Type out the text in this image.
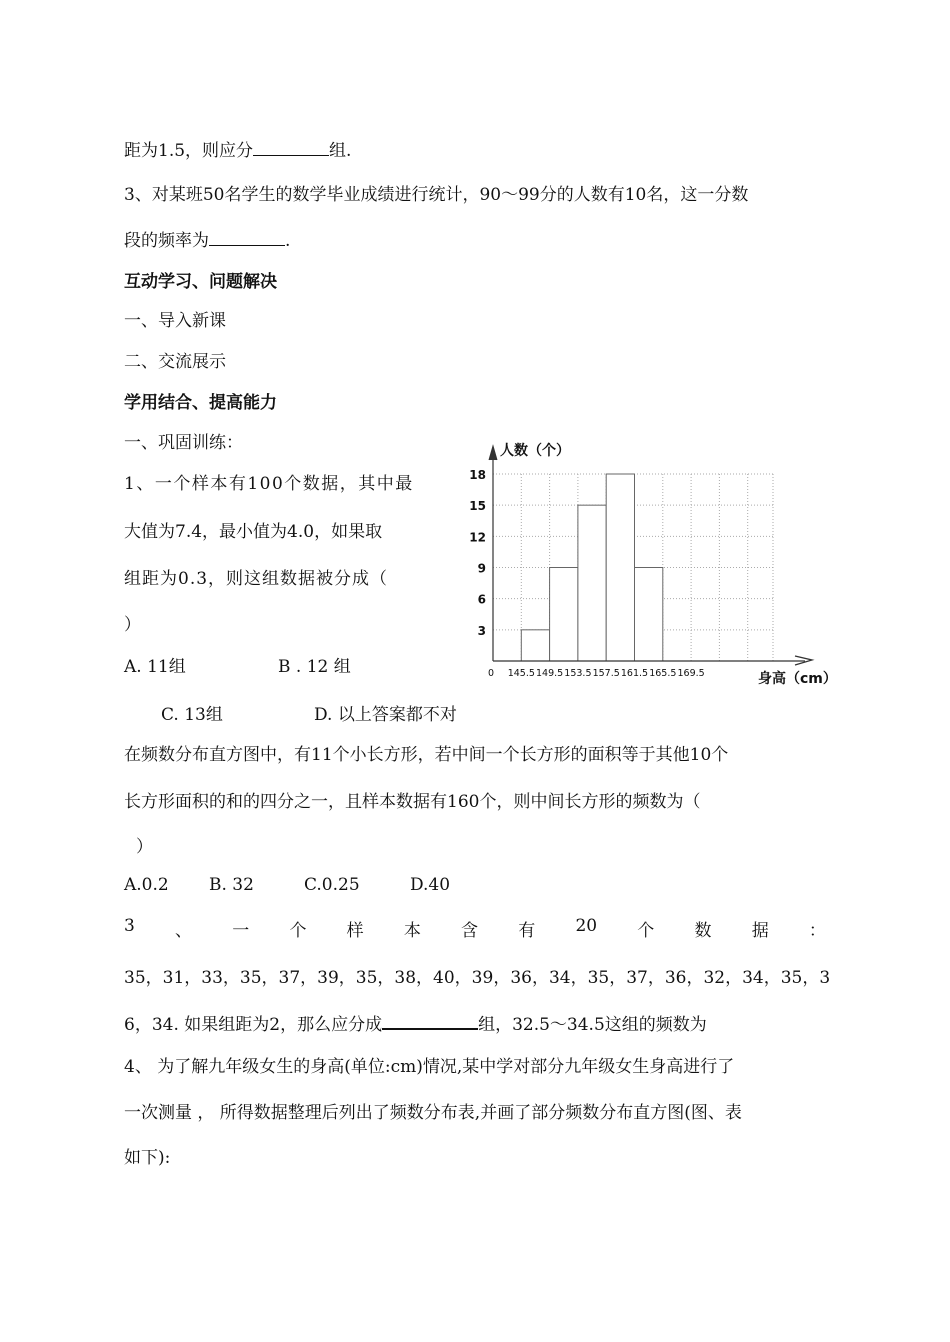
距为1.5，则应分	组.
3、对某班50名学生的数学毕业成绩进行统计，90～99分的人数有10名，这一分数
段的频率为	.
互动学习、问题解决
一、导入新课
二、交流展示
学用结合、提高能力
一、巩固训练：
1、一个样本有100个数据，其中最
大值为7.4，最小值为4.0，如果取
组距为0.3，则这组数据被分成（
）
A. 11组	B . 12 组
C. 13组	D. 以上答案都不对
3
6
9
12
15
18
0 145.5 149.5 153.5 157.5 161.5 165.5 169.5
人数（个）
身高（cm）
在频数分布直方图中，有11个小长方形，若中间一个长方形的面积等于其他10个
长方形面积的和的四分之一，且样本数据有160个，则中间长方形的频数为（
）
A.0.2 B. 32	C.0.25	D.40
3 、 一 个 样 本 含 有 20 个 数 据 ：
35，31，33，35，37，39，35，38，40，39，36，34，35，37，36，32，34，35，3
6，34. 如果组距为2，那么应分成	组，32.5～34.5这组的频数为
4、 为了解九年级女生的身高(单位:cm)情况,某中学对部分九年级女生身高进行了
一次测量 ， 所得数据整理后列出了频数分布表,并画了部分频数分布直方图(图、表
如下):
